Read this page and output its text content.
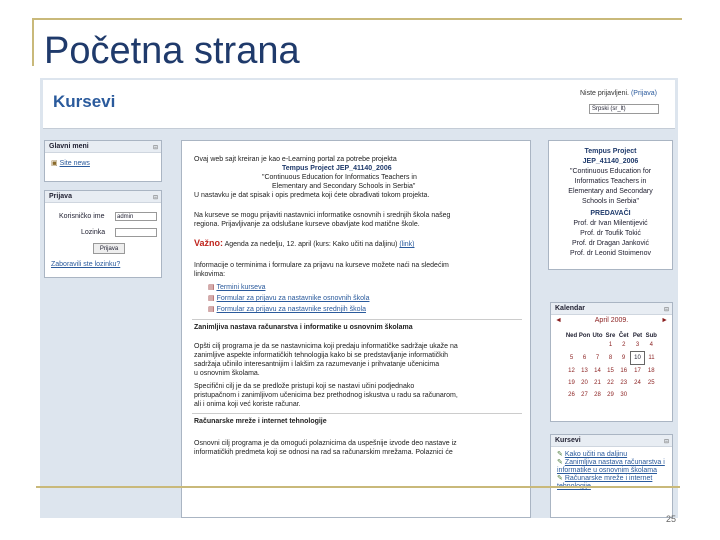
Početna strana
Kursevi	Niste prijavljeni. (Prijava)
Srpski (sr_lt)
Glavni meni	⊟
▣ Site news
Prijava	⊟
Korisničko ime	admin
Lozinka
Prijava
Zaboravili ste lozinku?
Ovaj web sajt kreiran je kao e-Learning portal za potrebe projekta
Tempus Project JEP_41140_2006
"Continuous Education for Informatics Teachers in
Elementary and Secondary Schools in Serbia"
U nastavku je dat spisak i opis predmeta koji ćete obrađivati tokom projekta.
Na kurseve se mogu prijaviti nastavnici informatike osnovnih i srednjih škola našeg
regiona. Prijavljivanje za odslušane kurseve obavljate kod matične škole.
Važno: Agenda za nedelju, 12. april (kurs: Kako učiti na daljinu) (link)
Informacije o terminima i formulare za prijavu na kurseve možete naći na sledećim
linkovima:
▤ Termini kurseva
▤ Formular za prijavu za nastavnike osnovnih škola
▤ Formular za prijavu za nastavnike srednjih škola
Zanimljiva nastava računarstva i informatike u osnovnim školama
Opšti cilj programa je da se nastavnicima koji predaju informatičke sadržaje ukaže na
zanimljive aspekte informatičkih tehnologija kako bi se predstavljanje informatičkih
sadržaja učinilo interesantnijim i lakšim za razumevanje i prihvatanje učenicima
u osnovnim školama.
Specifični cilj je da se predlože pristupi koji se nastavi učini podjednako
pristupačnom i zanimljivom učenicima bez prethodnog iskustva u radu sa računarom,
ali i onima koji već koriste računar.
Računarske mreže i internet tehnologije
Osnovni cilj programa je da omogući polaznicima da uspešnije izvode deo nastave iz
informatičkih predmeta koji se odnosi na rad sa računarskim mrežama. Polaznici će
Tempus Project
JEP_41140_2006
"Continuous Education for
Informatics Teachers in
Elementary and Secondary
Schools in Serbia"
PREDAVAČI
Prof. dr Ivan Milentijević
Prof. dr Toufik Tokić
Prof. dr Dragan Janković
Prof. dr Leonid Stoimenov
Kalendar	⊟
◄	April 2009.	►
Ned	Pon	Uto	Sre	Čet	Pet	Sub
			1	2	3	4
5	6	7	8	9	10	11
12	13	14	15	16	17	18
19	20	21	22	23	24	25
26	27	28	29	30		
Kursevi	⊟
✎ Kako učiti na daljinu
✎ Zanimljiva nastava računarstva i informatike u osnovnim školama
✎ Računarske mreže i internet
25
